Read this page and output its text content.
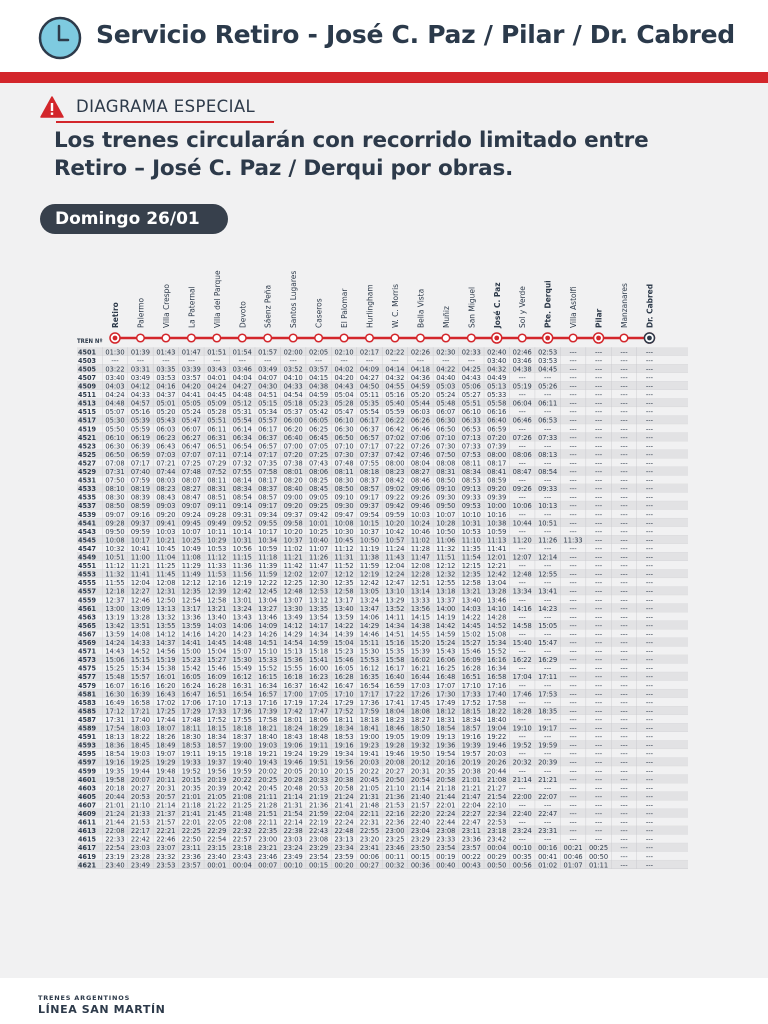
Servicio Retiro - José C. Paz / Pilar / Dr. Cabred
DIAGRAMA ESPECIAL
Los trenes circularán con recorrido limitado entre
Retiro – José C. Paz / Derqui por obras.
Domingo 26/01
Retiro Palermo Villa Crespo La Paternal Villa del Parque Devoto Sáenz Peña Santos Lugares Caseros El Palomar Hurlingham W. C. Morris Bella Vista Muñiz San Miguel José C. Paz Sol y Verde Pte. Derqui Villa Astolfi Pilar Manzanares Dr. Cabred
TREN Nº
4501 01:30 01:39 01:43 01:47 01:51 01:54 01:57 02:00 02:05 02:10 02:17 02:22 02:26 02:30 02:33 02:40 02:46 02:53 --- --- --- ---
4503 --- --- --- --- --- --- --- --- --- --- --- --- --- --- --- 03:40 03:46 03:53 --- --- --- ---
4505 03:22 03:31 03:35 03:39 03:43 03:46 03:49 03:52 03:57 04:02 04:09 04:14 04:18 04:22 04:25 04:32 04:38 04:45 --- --- --- ---
4507 03:40 03:49 03:53 03:57 04:01 04:04 04:07 04:10 04:15 04:20 04:27 04:32 04:36 04:40 04:43 04:49 --- --- --- --- --- ---
4509 04:03 04:12 04:16 04:20 04:24 04:27 04:30 04:33 04:38 04:43 04:50 04:55 04:59 05:03 05:06 05:13 05:19 05:26 --- --- --- ---
4511 04:24 04:33 04:37 04:41 04:45 04:48 04:51 04:54 04:59 05:04 05:11 05:16 05:20 05:24 05:27 05:33 --- --- --- --- --- ---
4513 04:48 04:57 05:01 05:05 05:09 05:12 05:15 05:18 05:23 05:28 05:35 05:40 05:44 05:48 05:51 05:58 06:04 06:11 --- --- --- ---
4515 05:07 05:16 05:20 05:24 05:28 05:31 05:34 05:37 05:42 05:47 05:54 05:59 06:03 06:07 06:10 06:16 --- --- --- --- --- ---
4517 05:30 05:39 05:43 05:47 05:51 05:54 05:57 06:00 06:05 06:10 06:17 06:22 06:26 06:30 06:33 06:40 06:46 06:53 --- --- --- ---
4519 05:50 05:59 06:03 06:07 06:11 06:14 06:17 06:20 06:25 06:30 06:37 06:42 06:46 06:50 06:53 06:59 --- --- --- --- --- ---
4521 06:10 06:19 06:23 06:27 06:31 06:34 06:37 06:40 06:45 06:50 06:57 07:02 07:06 07:10 07:13 07:20 07:26 07:33 --- --- --- ---
4523 06:30 06:39 06:43 06:47 06:51 06:54 06:57 07:00 07:05 07:10 07:17 07:22 07:26 07:30 07:33 07:39 --- --- --- --- --- ---
4525 06:50 06:59 07:03 07:07 07:11 07:14 07:17 07:20 07:25 07:30 07:37 07:42 07:46 07:50 07:53 08:00 08:06 08:13 --- --- --- ---
4527 07:08 07:17 07:21 07:25 07:29 07:32 07:35 07:38 07:43 07:48 07:55 08:00 08:04 08:08 08:11 08:17 --- --- --- --- --- ---
4529 07:31 07:40 07:44 07:48 07:52 07:55 07:58 08:01 08:06 08:11 08:18 08:23 08:27 08:31 08:34 08:41 08:47 08:54 --- --- --- ---
4531 07:50 07:59 08:03 08:07 08:11 08:14 08:17 08:20 08:25 08:30 08:37 08:42 08:46 08:50 08:53 08:59 --- --- --- --- --- ---
4533 08:10 08:19 08:23 08:27 08:31 08:34 08:37 08:40 08:45 08:50 08:57 09:02 09:06 09:10 09:13 09:20 09:26 09:33 --- --- --- ---
4535 08:30 08:39 08:43 08:47 08:51 08:54 08:57 09:00 09:05 09:10 09:17 09:22 09:26 09:30 09:33 09:39 --- --- --- --- --- ---
4537 08:50 08:59 09:03 09:07 09:11 09:14 09:17 09:20 09:25 09:30 09:37 09:42 09:46 09:50 09:53 10:00 10:06 10:13 --- --- --- ---
4539 09:07 09:16 09:20 09:24 09:28 09:31 09:34 09:37 09:42 09:47 09:54 09:59 10:03 10:07 10:10 10:16 --- --- --- --- --- ---
4541 09:28 09:37 09:41 09:45 09:49 09:52 09:55 09:58 10:01 10:08 10:15 10:20 10:24 10:28 10:31 10:38 10:44 10:51 --- --- --- ---
4543 09:50 09:59 10:03 10:07 10:11 10:14 10:17 10:20 10:25 10:30 10:37 10:42 10:46 10:50 10:53 10:59 --- --- --- --- --- ---
4545 10:08 10:17 10:21 10:25 10:29 10:31 10:34 10:37 10:40 10:45 10:50 10:57 11:02 11:06 11:10 11:13 11:20 11:26 11:33 --- --- ---
4547 10:32 10:41 10:45 10:49 10:53 10:56 10:59 11:02 11:07 11:12 11:19 11:24 11:28 11:32 11:35 11:41 --- --- --- --- --- ---
4549 10:51 11:00 11:04 11:08 11:12 11:15 11:18 11:21 11:26 11:31 11:38 11:43 11:47 11:51 11:54 12:01 12:07 12:14 --- --- --- ---
4551 11:12 11:21 11:25 11:29 11:33 11:36 11:39 11:42 11:47 11:52 11:59 12:04 12:08 12:12 12:15 12:21 --- --- --- --- --- ---
4553 11:32 11:41 11:45 11:49 11:53 11:56 11:59 12:02 12:07 12:12 12:19 12:24 12:28 12:32 12:35 12:42 12:48 12:55 --- --- --- ---
4555 11:55 12:04 12:08 12:12 12:16 12:19 12:22 12:25 12:30 12:35 12:42 12:47 12:51 12:55 12:58 13:04 --- --- --- --- --- ---
4557 12:18 12:27 12:31 12:35 12:39 12:42 12:45 12:48 12:53 12:58 13:05 13:10 13:14 13:18 13:21 13:28 13:34 13:41 --- --- --- ---
4559 12:37 12:46 12:50 12:54 12:58 13:01 13:04 13:07 13:12 13:17 13:24 13:29 13:33 13:37 13:40 13:46 --- --- --- --- --- ---
4561 13:00 13:09 13:13 13:17 13:21 13:24 13:27 13:30 13:35 13:40 13:47 13:52 13:56 14:00 14:03 14:10 14:16 14:23 --- --- --- ---
4563 13:19 13:28 13:32 13:36 13:40 13:43 13:46 13:49 13:54 13:59 14:06 14:11 14:15 14:19 14:22 14:28 --- --- --- --- --- ---
4565 13:42 13:51 13:55 13:59 14:03 14:06 14:09 14:12 14:17 14:22 14:29 14:34 14:38 14:42 14:45 14:52 14:58 15:05 --- --- --- ---
4567 13:59 14:08 14:12 14:16 14:20 14:23 14:26 14:29 14:34 14:39 14:46 14:51 14:55 14:59 15:02 15:08 --- --- --- --- --- ---
4569 14:24 14:33 14:37 14:41 14:45 14:48 14:51 14:54 14:59 15:04 15:11 15:16 15:20 15:24 15:27 15:34 15:40 15:47 --- --- --- ---
4571 14:43 14:52 14:56 15:00 15:04 15:07 15:10 15:13 15:18 15:23 15:30 15:35 15:39 15:43 15:46 15:52 --- --- --- --- --- ---
4573 15:06 15:15 15:19 15:23 15:27 15:30 15:33 15:36 15:41 15:46 15:53 15:58 16:02 16:06 16:09 16:16 16:22 16:29 --- --- --- ---
4575 15:25 15:34 15:38 15:42 15:46 15:49 15:52 15:55 16:00 16:05 16:12 16:17 16:21 16:25 16:28 16:34 --- --- --- --- --- ---
4577 15:48 15:57 16:01 16:05 16:09 16:12 16:15 16:18 16:23 16:28 16:35 16:40 16:44 16:48 16:51 16:58 17:04 17:11 --- --- --- ---
4579 16:07 16:16 16:20 16:24 16:28 16:31 16:34 16:37 16:42 16:47 16:54 16:59 17:03 17:07 17:10 17:16 --- --- --- --- --- ---
4581 16:30 16:39 16:43 16:47 16:51 16:54 16:57 17:00 17:05 17:10 17:17 17:22 17:26 17:30 17:33 17:40 17:46 17:53 --- --- --- ---
4583 16:49 16:58 17:02 17:06 17:10 17:13 17:16 17:19 17:24 17:29 17:36 17:41 17:45 17:49 17:52 17:58 --- --- --- --- --- ---
4585 17:12 17:21 17:25 17:29 17:33 17:36 17:39 17:42 17:47 17:52 17:59 18:04 18:08 18:12 18:15 18:22 18:28 18:35 --- --- --- ---
4587 17:31 17:40 17:44 17:48 17:52 17:55 17:58 18:01 18:06 18:11 18:18 18:23 18:27 18:31 18:34 18:40 --- --- --- --- --- ---
4589 17:54 18:03 18:07 18:11 18:15 18:18 18:21 18:24 18:29 18:34 18:41 18:46 18:50 18:54 18:57 19:04 19:10 19:17 --- --- --- ---
4591 18:13 18:22 18:26 18:30 18:34 18:37 18:40 18:43 18:48 18:53 19:00 19:05 19:09 19:13 19:16 19:22 --- --- --- --- --- ---
4593 18:36 18:45 18:49 18:53 18:57 19:00 19:03 19:06 19:11 19:16 19:23 19:28 19:32 19:36 19:39 19:46 19:52 19:59 --- --- --- ---
4595 18:54 19:03 19:07 19:11 19:15 19:18 19:21 19:24 19:29 19:34 19:41 19:46 19:50 19:54 19:57 20:03 --- --- --- --- --- ---
4597 19:16 19:25 19:29 19:33 19:37 19:40 19:43 19:46 19:51 19:56 20:03 20:08 20:12 20:16 20:19 20:26 20:32 20:39 --- --- --- ---
4599 19:35 19:44 19:48 19:52 19:56 19:59 20:02 20:05 20:10 20:15 20:22 20:27 20:31 20:35 20:38 20:44 --- --- --- --- --- ---
4601 19:58 20:07 20:11 20:15 20:19 20:22 20:25 20:28 20:33 20:38 20:45 20:50 20:54 20:58 21:01 21:08 21:14 21:21 --- --- --- ---
4603 20:18 20:27 20:31 20:35 20:39 20:42 20:45 20:48 20:53 20:58 21:05 21:10 21:14 21:18 21:21 21:27 --- --- --- --- --- ---
4605 20:44 20:53 20:57 21:01 21:05 21:08 21:11 21:14 21:19 21:24 21:31 21:36 21:40 21:44 21:47 21:54 22:00 22:07 --- --- --- ---
4607 21:01 21:10 21:14 21:18 21:22 21:25 21:28 21:31 21:36 21:41 21:48 21:53 21:57 22:01 22:04 22:10 --- --- --- --- --- ---
4609 21:24 21:33 21:37 21:41 21:45 21:48 21:51 21:54 21:59 22:04 22:11 22:16 22:20 22:24 22:27 22:34 22:40 22:47 --- --- --- ---
4611 21:44 21:53 21:57 22:01 22:05 22:08 22:11 22:14 22:19 22:24 22:31 22:36 22:40 22:44 22:47 22:53 --- --- --- --- --- ---
4613 22:08 22:17 22:21 22:25 22:29 22:32 22:35 22:38 22:43 22:48 22:55 23:00 23:04 23:08 23:11 23:18 23:24 23:31 --- --- --- ---
4615 22:33 22:42 22:46 22:50 22:54 22:57 23:00 23:03 23:08 23:13 23:20 23:25 23:29 23:33 23:36 23:42 --- --- --- --- --- ---
4617 22:54 23:03 23:07 23:11 23:15 23:18 23:21 23:24 23:29 23:34 23:41 23:46 23:50 23:54 23:57 00:04 00:10 00:16 00:21 00:25 --- ---
4619 23:19 23:28 23:32 23:36 23:40 23:43 23:46 23:49 23:54 23:59 00:06 00:11 00:15 00:19 00:22 00:29 00:35 00:41 00:46 00:50 --- ---
4621 23:40 23:49 23:53 23:57 00:01 00:04 00:07 00:10 00:15 00:20 00:27 00:32 00:36 00:40 00:43 00:50 00:56 01:02 01:07 01:11 --- ---
TRENES ARGENTINOS
LÍNEA SAN MARTÍN
